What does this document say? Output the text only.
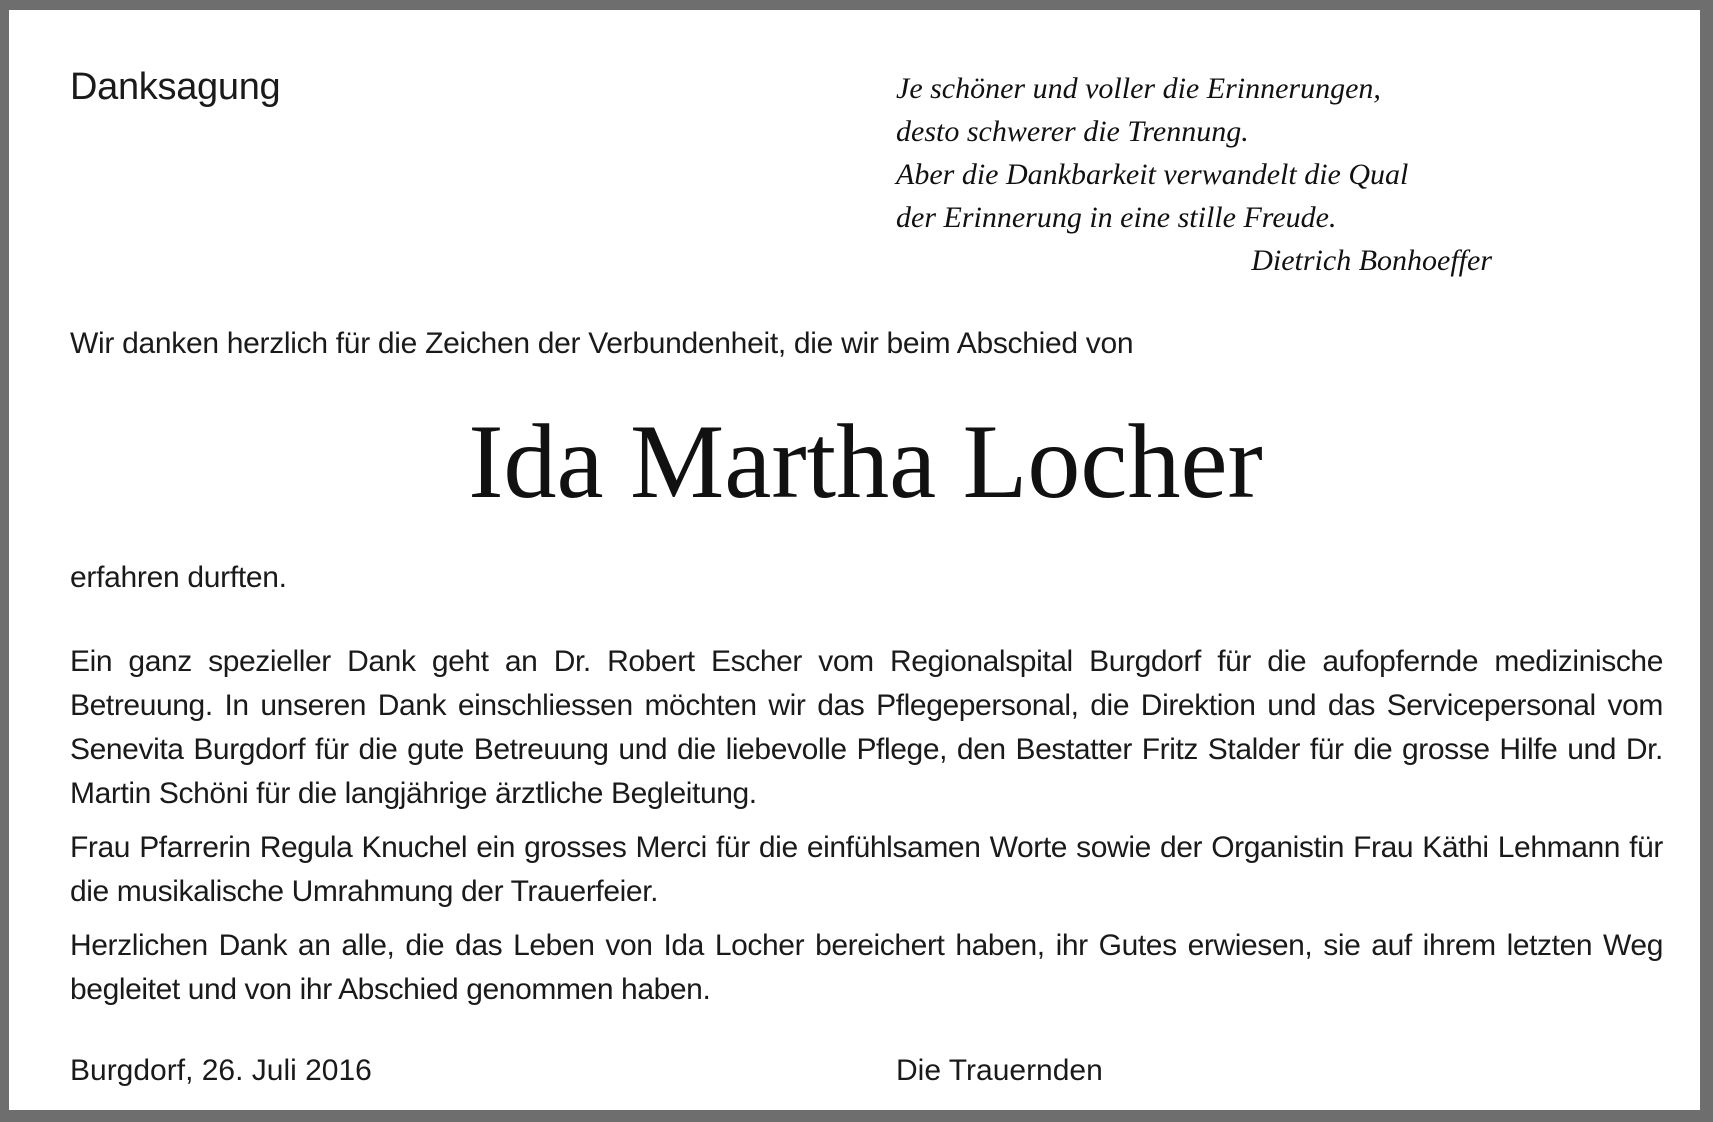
Danksagung	Je schöner und voller die Erinnerungen,
desto schwerer die Trennung.
Aber die Dankbarkeit verwandelt die Qual
der Erinnerung in eine stille Freude.
Dietrich Bonhoeffer
Wir danken herzlich für die Zeichen der Verbundenheit, die wir beim Abschied von
Ida Martha Locher
erfahren durften.

Ein ganz spezieller Dank geht an Dr. Robert Escher vom Regionalspital Burgdorf für die aufopfernde medizinische Betreuung. In unseren Dank einschliessen möchten wir das Pflegepersonal, die Direktion und das Servicepersonal vom Senevita Burgdorf für die gute Betreuung und die liebevolle Pflege, den Bestatter Fritz Stalder für die grosse Hilfe und Dr. Martin Schöni für die langjährige ärztliche Begleitung.

Frau Pfarrerin Regula Knuchel ein grosses Merci für die einfühlsamen Worte sowie der Organistin Frau Käthi Lehmann für die musikalische Umrahmung der Trauerfeier.

Herzlichen Dank an alle, die das Leben von Ida Locher bereichert haben, ihr Gutes erwiesen, sie auf ihrem letzten Weg begleitet und von ihr Abschied genommen haben.

Burgdorf, 26. Juli 2016	Die Trauernden
